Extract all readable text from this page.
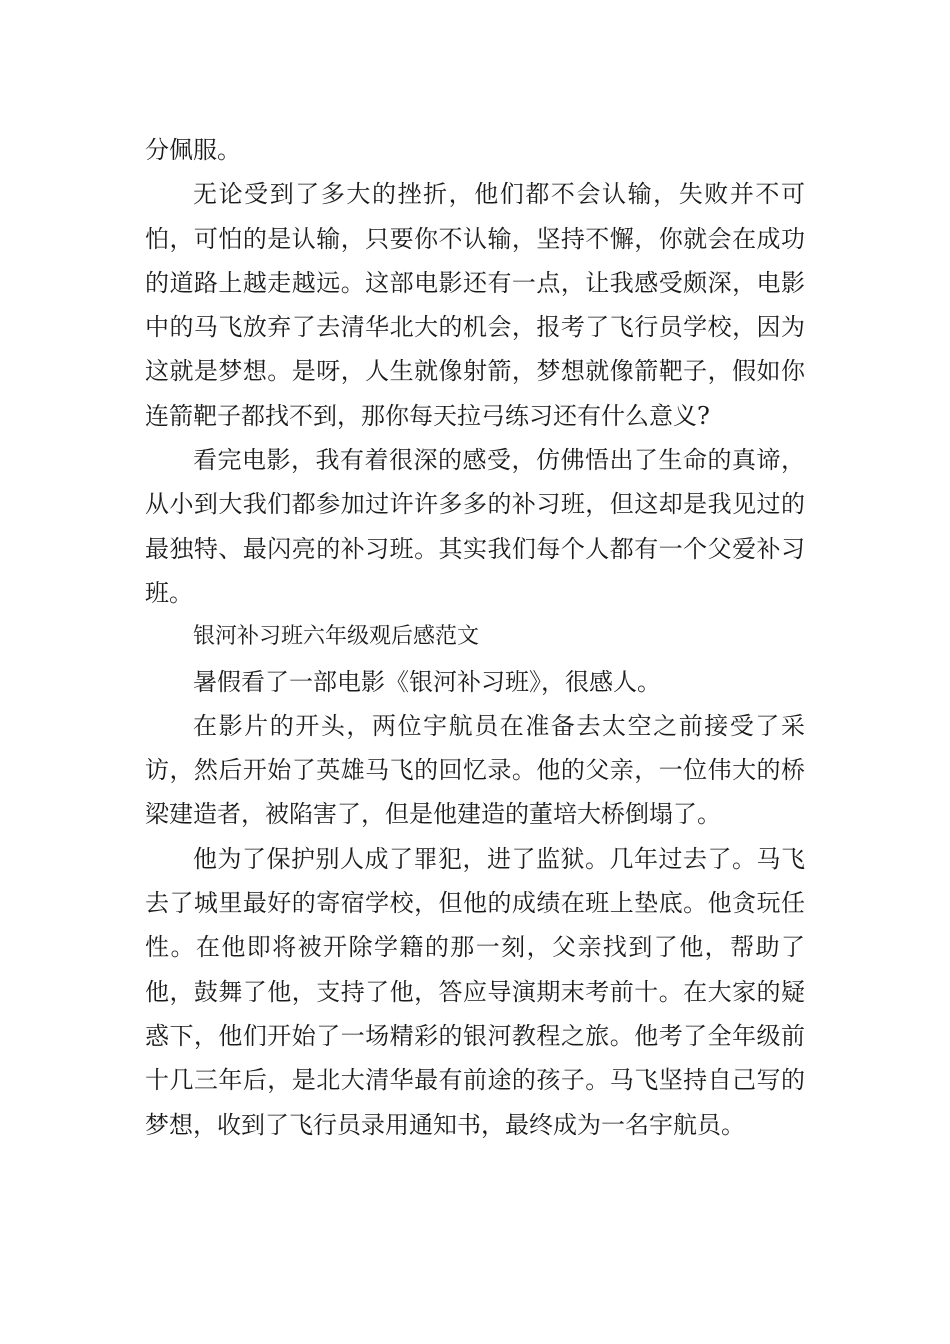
分佩服。

无论受到了多大的挫折，他们都不会认输，失败并不可怕，可怕的是认输，只要你不认输，坚持不懈，你就会在成功的道路上越走越远。这部电影还有一点，让我感受颇深，电影中的马飞放弃了去清华北大的机会，报考了飞行员学校，因为这就是梦想。是呀，人生就像射箭，梦想就像箭靶子，假如你连箭靶子都找不到，那你每天拉弓练习还有什么意义?

看完电影，我有着很深的感受，仿佛悟出了生命的真谛，从小到大我们都参加过许许多多的补习班，但这却是我见过的最独特、最闪亮的补习班。其实我们每个人都有一个父爱补习班。

银河补习班六年级观后感范文

暑假看了一部电影《银河补习班》，很感人。

在影片的开头，两位宇航员在准备去太空之前接受了采访，然后开始了英雄马飞的回忆录。他的父亲，一位伟大的桥梁建造者，被陷害了，但是他建造的董培大桥倒塌了。

他为了保护别人成了罪犯，进了监狱。几年过去了。马飞去了城里最好的寄宿学校，但他的成绩在班上垫底。他贪玩任性。在他即将被开除学籍的那一刻，父亲找到了他，帮助了他，鼓舞了他，支持了他，答应导演期末考前十。在大家的疑惑下，他们开始了一场精彩的银河教程之旅。他考了全年级前十几三年后，是北大清华最有前途的孩子。马飞坚持自己写的梦想，收到了飞行员录用通知书，最终成为一名宇航员。
